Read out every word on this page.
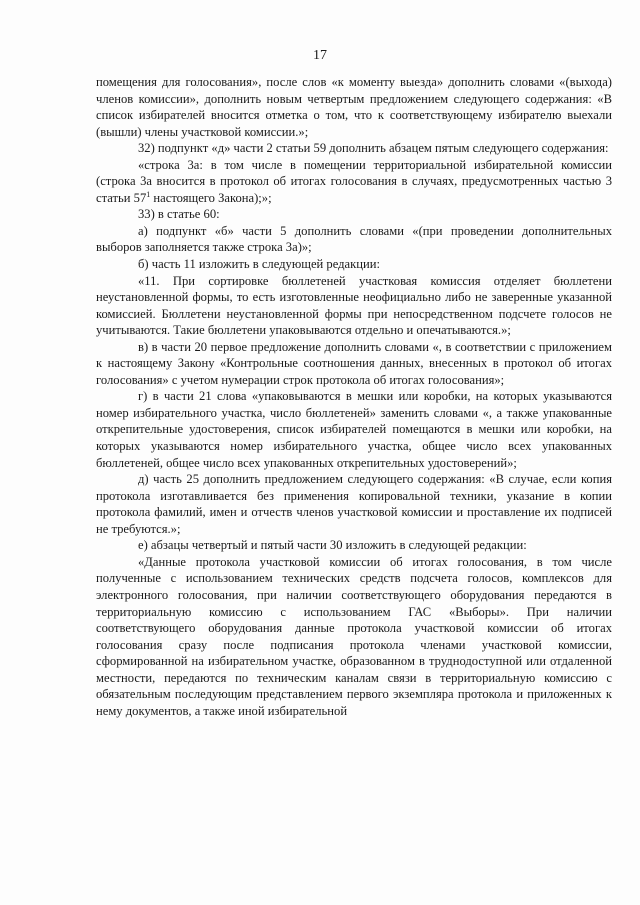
17

помещения для голосования», после слов «к моменту выезда» дополнить словами «(выхода) членов комиссии», дополнить новым четвертым предложением следующего содержания: «В список избирателей вносится отметка о том, что к соответствующему избирателю выехали (вышли) члены участковой комиссии.»;

32) подпункт «д» части 2 статьи 59 дополнить абзацем пятым следующего содержания:

«строка 3а: в том числе в помещении территориальной избирательной комиссии (строка 3а вносится в протокол об итогах голосования в случаях, предусмотренных частью 3 статьи $57^1$ настоящего Закона);»;

33) в статье 60:

а) подпункт «б» части 5 дополнить словами «(при проведении дополнительных выборов заполняется также строка 3а)»;

б) часть 11 изложить в следующей редакции:

«11. При сортировке бюллетеней участковая комиссия отделяет бюллетени неустановленной формы, то есть изготовленные неофициально либо не заверенные указанной комиссией. Бюллетени неустановленной формы при непосредственном подсчете голосов не учитываются. Такие бюллетени упаковываются отдельно и опечатываются.»;

в) в части 20 первое предложение дополнить словами «, в соответствии с приложением к настоящему Закону «Контрольные соотношения данных, внесенных в протокол об итогах голосования» с учетом нумерации строк протокола об итогах голосования»;

г) в части 21 слова «упаковываются в мешки или коробки, на которых указываются номер избирательного участка, число бюллетеней» заменить словами «, а также упакованные открепительные удостоверения, список избирателей помещаются в мешки или коробки, на которых указываются номер избирательного участка, общее число всех упакованных бюллетеней, общее число всех упакованных открепительных удостоверений»;

д) часть 25 дополнить предложением следующего содержания: «В случае, если копия протокола изготавливается без применения копировальной техники, указание в копии протокола фамилий, имен и отчеств членов участковой комиссии и проставление их подписей не требуются.»;

е) абзацы четвертый и пятый части 30 изложить в следующей редакции:

«Данные протокола участковой комиссии об итогах голосования, в том числе полученные с использованием технических средств подсчета голосов, комплексов для электронного голосования, при наличии соответствующего оборудования передаются в территориальную комиссию с использованием ГАС «Выборы». При наличии соответствующего оборудования данные протокола участковой комиссии об итогах голосования сразу после подписания протокола членами участковой комиссии, сформированной на избирательном участке, образованном в труднодоступной или отдаленной местности, передаются по техническим каналам связи в территориальную комиссию с обязательным последующим представлением первого экземпляра протокола и приложенных к нему документов, а также иной избирательной
